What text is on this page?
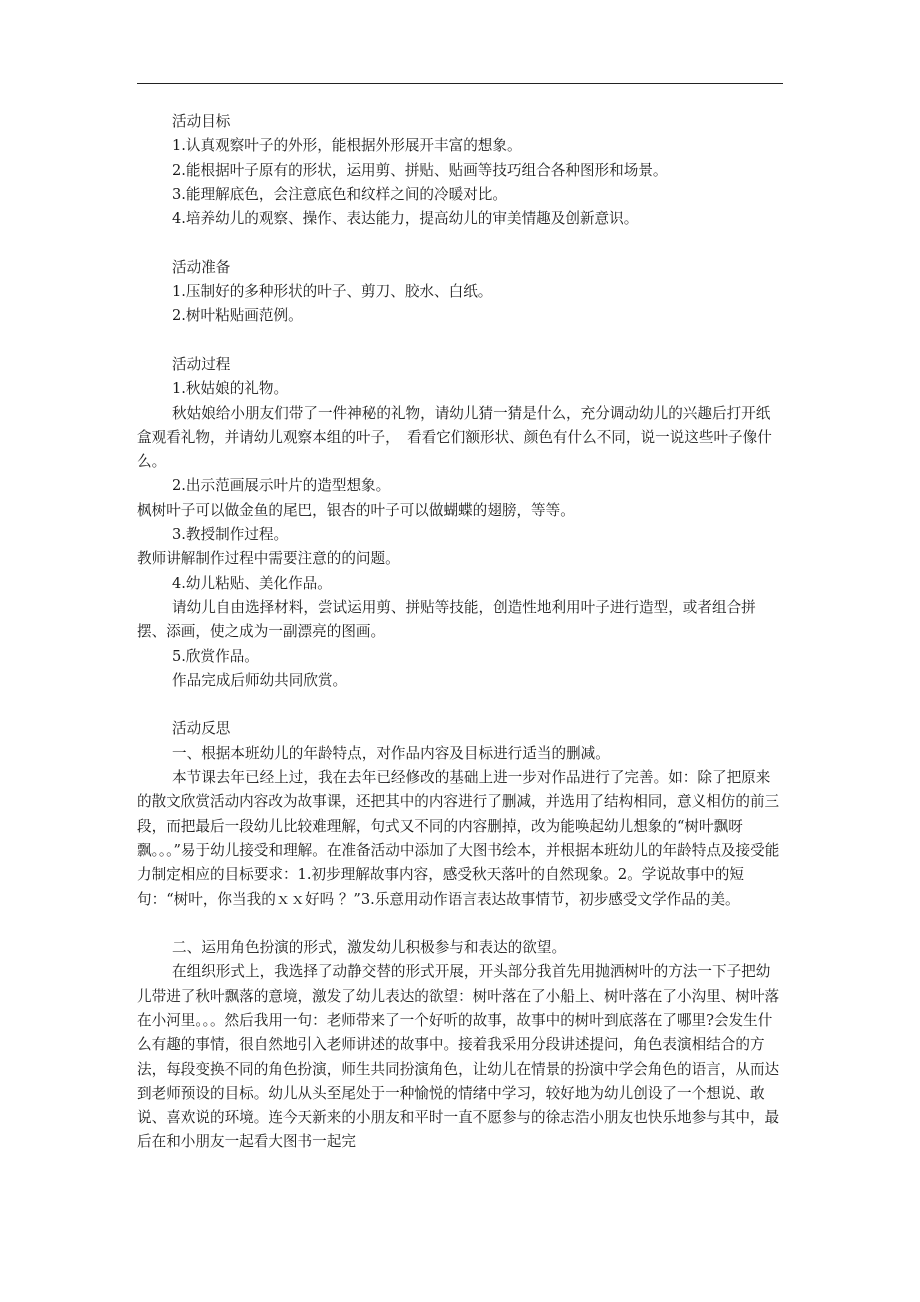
活动目标

1.认真观察叶子的外形，能根据外形展开丰富的想象。

2.能根据叶子原有的形状，运用剪、拼贴、贴画等技巧组合各种图形和场景。

3.能理解底色，会注意底色和纹样之间的冷暖对比。

4.培养幼儿的观察、操作、表达能力，提高幼儿的审美情趣及创新意识。

活动准备

1.压制好的多种形状的叶子、剪刀、胶水、白纸。

2.树叶粘贴画范例。

活动过程

1.秋姑娘的礼物。

秋姑娘给小朋友们带了一件神秘的礼物，请幼儿猜一猜是什么，充分调动幼儿的兴趣后打开纸盒观看礼物，并请幼儿观察本组的叶子，　看看它们额形状、颜色有什么不同，说一说这些叶子像什么。

2.出示范画展示叶片的造型想象。

枫树叶子可以做金鱼的尾巴，银杏的叶子可以做蝴蝶的翅膀，等等。

3.教授制作过程。

教师讲解制作过程中需要注意的的问题。

4.幼儿粘贴、美化作品。

请幼儿自由选择材料，尝试运用剪、拼贴等技能，创造性地利用叶子进行造型，或者组合拼摆、添画，使之成为一副漂亮的图画。

5.欣赏作品。

作品完成后师幼共同欣赏。

活动反思

一、根据本班幼儿的年龄特点，对作品内容及目标进行适当的删减。

本节课去年已经上过，我在去年已经修改的基础上进一步对作品进行了完善。如：除了把原来的散文欣赏活动内容改为故事课，还把其中的内容进行了删减，并选用了结构相同，意义相仿的前三段，而把最后一段幼儿比较难理解，句式又不同的内容删掉，改为能唤起幼儿想象的“树叶飘呀飘。。。”易于幼儿接受和理解。在准备活动中添加了大图书绘本，并根据本班幼儿的年龄特点及接受能力制定相应的目标要求：1.初步理解故事内容，感受秋天落叶的自然现象。2。学说故事中的短句：“树叶，你当我的ｘｘ好吗 ？”3.乐意用动作语言表达故事情节，初步感受文学作品的美。

二、运用角色扮演的形式，激发幼儿积极参与和表达的欲望。

在组织形式上，我选择了动静交替的形式开展，开头部分我首先用抛洒树叶的方法一下子把幼儿带进了秋叶飘落的意境，激发了幼儿表达的欲望：树叶落在了小船上、树叶落在了小沟里、树叶落在小河里。。。然后我用一句：老师带来了一个好听的故事，故事中的树叶到底落在了哪里?会发生什么有趣的事情，很自然地引入老师讲述的故事中。接着我采用分段讲述提问，角色表演相结合的方法，每段变换不同的角色扮演，师生共同扮演角色，让幼儿在情景的扮演中学会角色的语言，从而达到老师预设的目标。幼儿从头至尾处于一种愉悦的情绪中学习，较好地为幼儿创设了一个想说、敢说、喜欢说的环境。连今天新来的小朋友和平时一直不愿参与的徐志浩小朋友也快乐地参与其中，最后在和小朋友一起看大图书一起完
